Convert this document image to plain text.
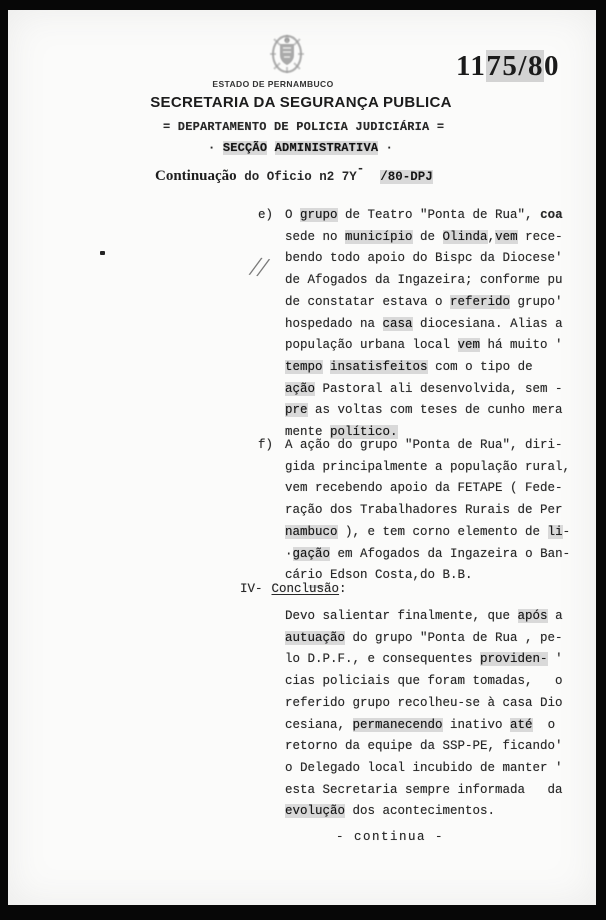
1175/80
ESTADO DE PERNAMBUCO
SECRETARIA DA SEGURANÇA PUBLICA
= DEPARTAMENTO DE POLICIA JUDICIÁRIA =
· SECÇÃO ADMINISTRATIVA ·
Continuação do Oficio n2 7Y-/80-DPJ
//
e) O grupo de Teatro "Ponta de Rua", coa
sede no município de Olinda,vem rece-
bendo todo apoio do Bispc da Diocese'
de Afogados da Ingazeira; conforme pu
de constatar estava o referido grupo'
hospedado na casa diocesiana. Alias a
população urbana local vem há muito '
tempo insatisfeitos com o tipo de
ação Pastoral ali desenvolvida, sem -
pre as voltas com teses de cunho mera
mente político.
f) A ação do grupo "Ponta de Rua", diri-
gida principalmente a população rural,
vem recebendo apoio da FETAPE ( Fede-
ração dos Trabalhadores Rurais de Per
nambuco ), e tem corno elemento de li-
·gação em Afogados da Ingazeira o Ban-
cário Edson Costa,do B.B.
IV- Conclusão:
Devo salientar finalmente, que após a
autuação do grupo "Ponta de Rua , pe-
lo D.P.F., e consequentes providen- '
cias policiais que foram tomadas,   o
referido grupo recolheu-se à casa Dio
cesiana, permanecendo inativo até  o
retorno da equipe da SSP-PE, ficando'
o Delegado local incubido de manter '
esta Secretaria sempre informada   da
evolução dos acontecimentos.
- continua -
